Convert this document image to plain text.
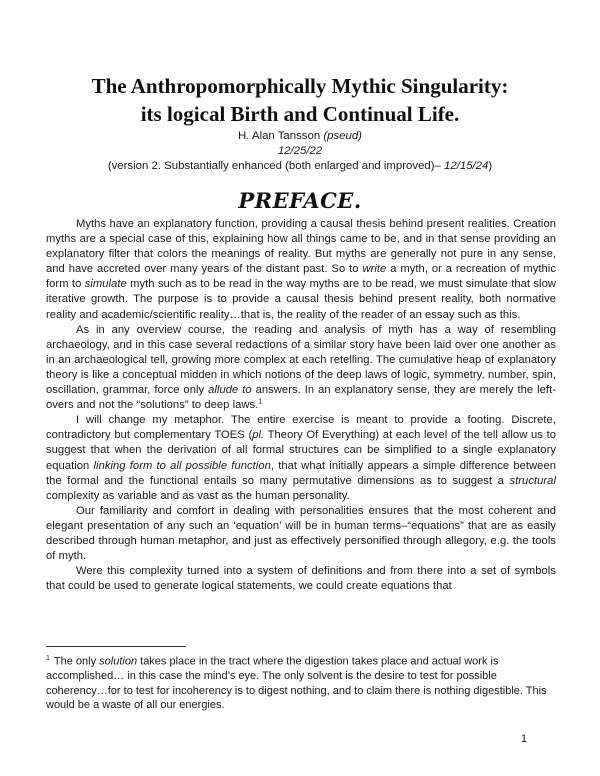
The Anthropomorphically Mythic Singularity:
its logical Birth and Continual Life.
H. Alan Tansson (pseud)
12/25/22
(version 2. Substantially enhanced (both enlarged and improved)– 12/15/24)
PREFACE.

Myths have an explanatory function, providing a causal thesis behind present realities. Creation myths are a special case of this, explaining how all things came to be, and in that sense providing an explanatory filter that colors the meanings of reality. But myths are generally not pure in any sense, and have accreted over many years of the distant past. So to write a myth, or a recreation of mythic form to simulate myth such as to be read in the way myths are to be read, we must simulate that slow iterative growth. The purpose is to provide a causal thesis behind present reality, both normative reality and academic/scientific reality…that is, the reality of the reader of an essay such as this.

As in any overview course, the reading and analysis of myth has a way of resembling archaeology, and in this case several redactions of a similar story have been laid over one another as in an archaeological tell, growing more complex at each retelling. The cumulative heap of explanatory theory is like a conceptual midden in which notions of the deep laws of logic, symmetry, number, spin, oscillation, grammar, force only allude to answers. In an explanatory sense, they are merely the left-overs and not the “solutions” to deep laws.$^1$

I will change my metaphor. The entire exercise is meant to provide a footing. Discrete, contradictory but complementary TOES (pl. Theory Of Everything) at each level of the tell allow us to suggest that when the derivation of all formal structures can be simplified to a single explanatory equation linking form to all possible function, that what initially appears a simple difference between the formal and the functional entails so many permutative dimensions as to suggest a structural complexity as variable and as vast as the human personality.

Our familiarity and comfort in dealing with personalities ensures that the most coherent and elegant presentation of any such an ‘equation’ will be in human terms–“equations” that are as easily described through human metaphor, and just as effectively personified through allegory, e.g. the tools of myth.

Were this complexity turned into a system of definitions and from there into a set of symbols that could be used to generate logical statements, we could create equations that

$^1$ The only solution takes place in the tract where the digestion takes place and actual work is accomplished… in this case the mind’s eye. The only solvent is the desire to test for possible coherency…for to test for incoherency is to digest nothing, and to claim there is nothing digestible. This would be a waste of all our energies.
1
